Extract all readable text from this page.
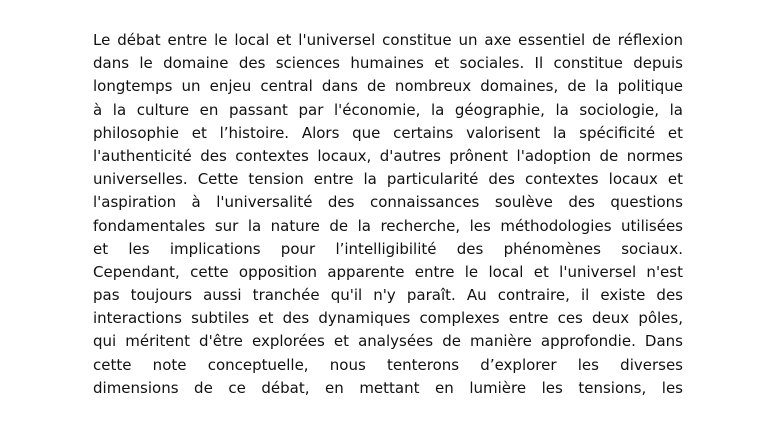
Le débat entre le local et l'universel constitue un axe essentiel de réflexion
dans le domaine des sciences humaines et sociales. Il constitue depuis
longtemps un enjeu central dans de nombreux domaines, de la politique
à la culture en passant par l'économie, la géographie, la sociologie, la
philosophie et l’histoire. Alors que certains valorisent la spécificité et
l'authenticité des contextes locaux, d'autres prônent l'adoption de normes
universelles. Cette tension entre la particularité des contextes locaux et
l'aspiration à l'universalité des connaissances soulève des questions
fondamentales sur la nature de la recherche, les méthodologies utilisées
et les implications pour l’intelligibilité des phénomènes sociaux.
Cependant, cette opposition apparente entre le local et l'universel n'est
pas toujours aussi tranchée qu'il n'y paraît. Au contraire, il existe des
interactions subtiles et des dynamiques complexes entre ces deux pôles,
qui méritent d'être explorées et analysées de manière approfondie. Dans
cette note conceptuelle, nous tenterons d’explorer les diverses
dimensions de ce débat, en mettant en lumière les tensions, les
